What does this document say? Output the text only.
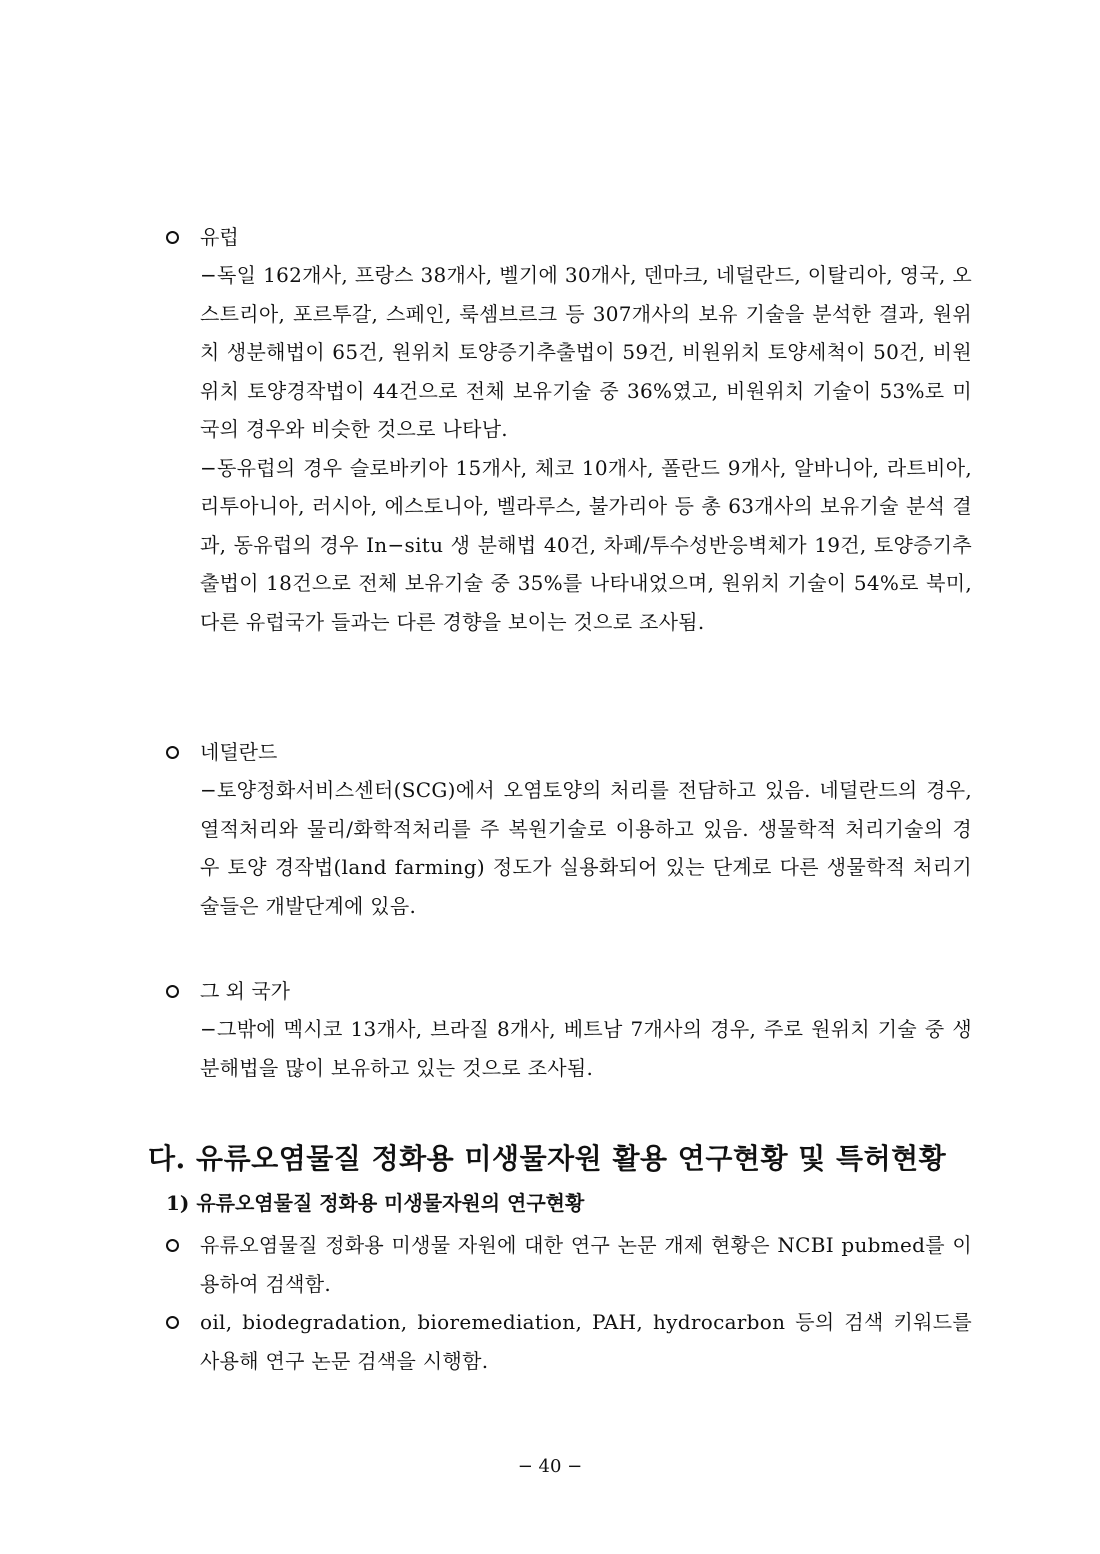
유럽
−독일 162개사, 프랑스 38개사, 벨기에 30개사, 덴마크, 네덜란드, 이탈리아, 영국, 오스트리아, 포르투갈, 스페인, 룩셈브르크 등 307개사의 보유 기술을 분석한 결과, 원위치 생분해법이 65건, 원위치 토양증기추출법이 59건, 비원위치 토양세척이 50건, 비원위치 토양경작법이 44건으로 전체 보유기술 중 36%였고, 비원위치 기술이 53%로 미국의 경우와 비슷한 것으로 나타남.
−동유럽의 경우 슬로바키아 15개사, 체코 10개사, 폴란드 9개사, 알바니아, 라트비아, 리투아니아, 러시아, 에스토니아, 벨라루스, 불가리아 등 총 63개사의 보유기술 분석 결과, 동유럽의 경우 In−situ 생 분해법 40건, 차폐/투수성반응벽체가 19건, 토양증기추출법이 18건으로 전체 보유기술 중 35%를 나타내었으며, 원위치 기술이 54%로 북미, 다른 유럽국가 들과는 다른 경향을 보이는 것으로 조사됨.
네덜란드
−토양정화서비스센터(SCG)에서 오염토양의 처리를 전담하고 있음. 네덜란드의 경우, 열적처리와 물리/화학적처리를 주 복원기술로 이용하고 있음. 생물학적 처리기술의 경우 토양 경작법(land farming) 정도가 실용화되어 있는 단계로 다른 생물학적 처리기술들은 개발단계에 있음.
그 외 국가
−그밖에 멕시코 13개사, 브라질 8개사, 베트남 7개사의 경우, 주로 원위치 기술 중 생분해법을 많이 보유하고 있는 것으로 조사됨.
다. 유류오염물질 정화용 미생물자원 활용 연구현황 및 특허현황
1) 유류오염물질 정화용 미생물자원의 연구현황
유류오염물질 정화용 미생물 자원에 대한 연구 논문 개제 현황은 NCBI pubmed를 이용하여 검색함.
oil, biodegradation, bioremediation, PAH, hydrocarbon 등의 검색 키워드를 사용해 연구 논문 검색을 시행함.
− 40 −
